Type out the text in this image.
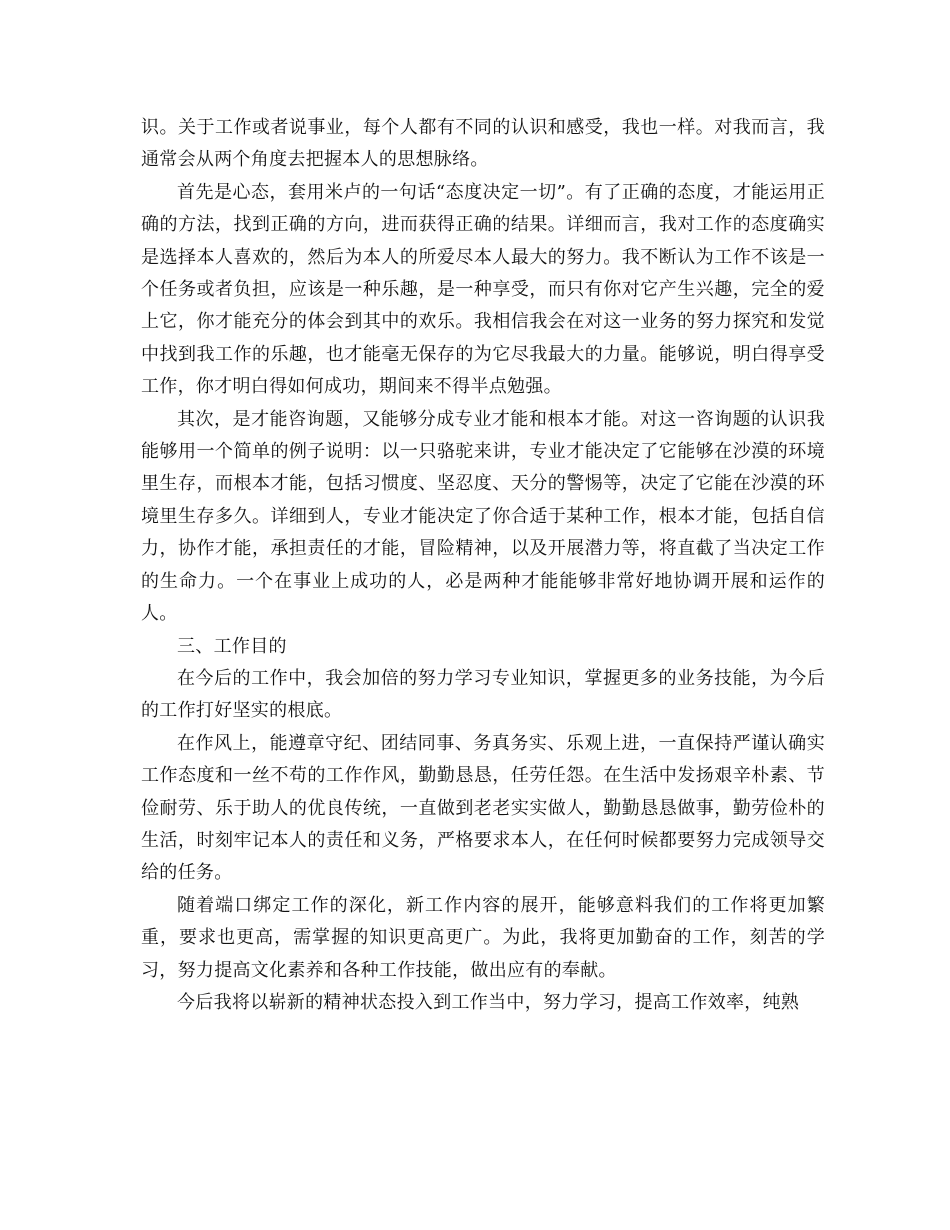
识。关于工作或者说事业，每个人都有不同的认识和感受，我也一样。对我而言，我通常会从两个角度去把握本人的思想脉络。

首先是心态，套用米卢的一句话“态度决定一切”。有了正确的态度，才能运用正确的方法，找到正确的方向，进而获得正确的结果。详细而言，我对工作的态度确实是选择本人喜欢的，然后为本人的所爱尽本人最大的努力。我不断认为工作不该是一个任务或者负担，应该是一种乐趣，是一种享受，而只有你对它产生兴趣，完全的爱上它，你才能充分的体会到其中的欢乐。我相信我会在对这一业务的努力探究和发觉中找到我工作的乐趣，也才能毫无保存的为它尽我最大的力量。能够说，明白得享受工作，你才明白得如何成功，期间来不得半点勉强。

其次，是才能咨询题，又能够分成专业才能和根本才能。对这一咨询题的认识我能够用一个简单的例子说明：以一只骆驼来讲，专业才能决定了它能够在沙漠的环境里生存，而根本才能，包括习惯度、坚忍度、天分的警惕等，决定了它能在沙漠的环境里生存多久。详细到人，专业才能决定了你合适于某种工作，根本才能，包括自信力，协作才能，承担责任的才能，冒险精神，以及开展潜力等，将直截了当决定工作的生命力。一个在事业上成功的人，必是两种才能能够非常好地协调开展和运作的人。

三、工作目的

在今后的工作中，我会加倍的努力学习专业知识，掌握更多的业务技能，为今后的工作打好坚实的根底。

在作风上，能遵章守纪、团结同事、务真务实、乐观上进，一直保持严谨认确实工作态度和一丝不苟的工作作风，勤勤恳恳，任劳任怨。在生活中发扬艰辛朴素、节俭耐劳、乐于助人的优良传统，一直做到老老实实做人，勤勤恳恳做事，勤劳俭朴的生活，时刻牢记本人的责任和义务，严格要求本人，在任何时候都要努力完成领导交给的任务。

随着端口绑定工作的深化，新工作内容的展开，能够意料我们的工作将更加繁重，要求也更高，需掌握的知识更高更广。为此，我将更加勤奋的工作，刻苦的学习，努力提高文化素养和各种工作技能，做出应有的奉献。

今后我将以崭新的精神状态投入到工作当中，努力学习，提高工作效率，纯熟
